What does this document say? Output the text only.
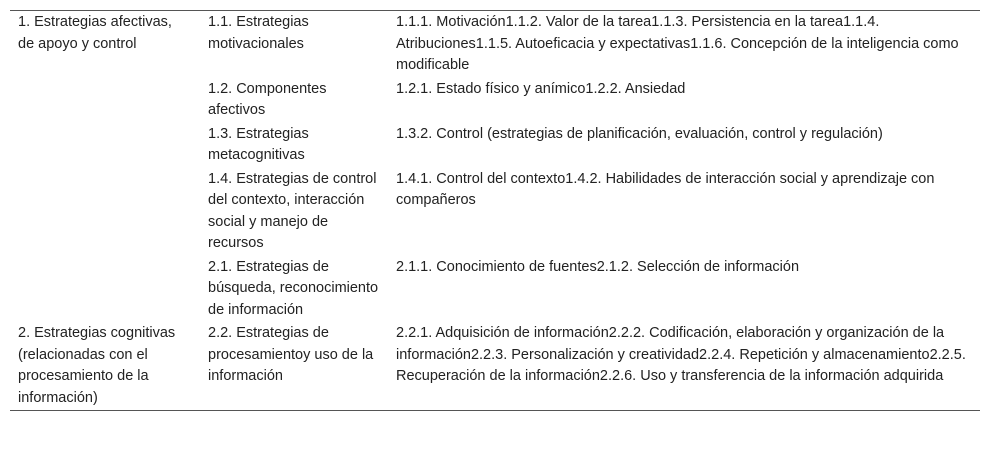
1. Estrategias afectivas, de apoyo y control	1.1. Estrategias motivacionales	1.1.1. Motivación1.1.2. Valor de la tarea1.1.3. Persistencia en la tarea1.1.4. Atribuciones1.1.5. Autoeficacia y expectativas1.1.6. Concepción de la inteligencia como modificable
	1.2. Componentes afectivos	1.2.1. Estado físico y anímico1.2.2. Ansiedad
	1.3. Estrategias metacognitivas	1.3.2. Control (estrategias de planificación, evaluación, control y regulación)
	1.4. Estrategias de control del contexto, interacción social y manejo de recursos	1.4.1. Control del contexto1.4.2. Habilidades de interacción social y aprendizaje con compañeros
	2.1. Estrategias de búsqueda, reconocimiento de información	2.1.1. Conocimiento de fuentes2.1.2. Selección de información
2. Estrategias cognitivas (relacionadas con el procesamiento de la información)	2.2. Estrategias de procesamientoy uso de la información	2.2.1. Adquisición de información2.2.2. Codificación, elaboración y organización de la información2.2.3. Personalización y creatividad2.2.4. Repetición y almacenamiento2.2.5. Recuperación de la información2.2.6. Uso y transferencia de la información adquirida
